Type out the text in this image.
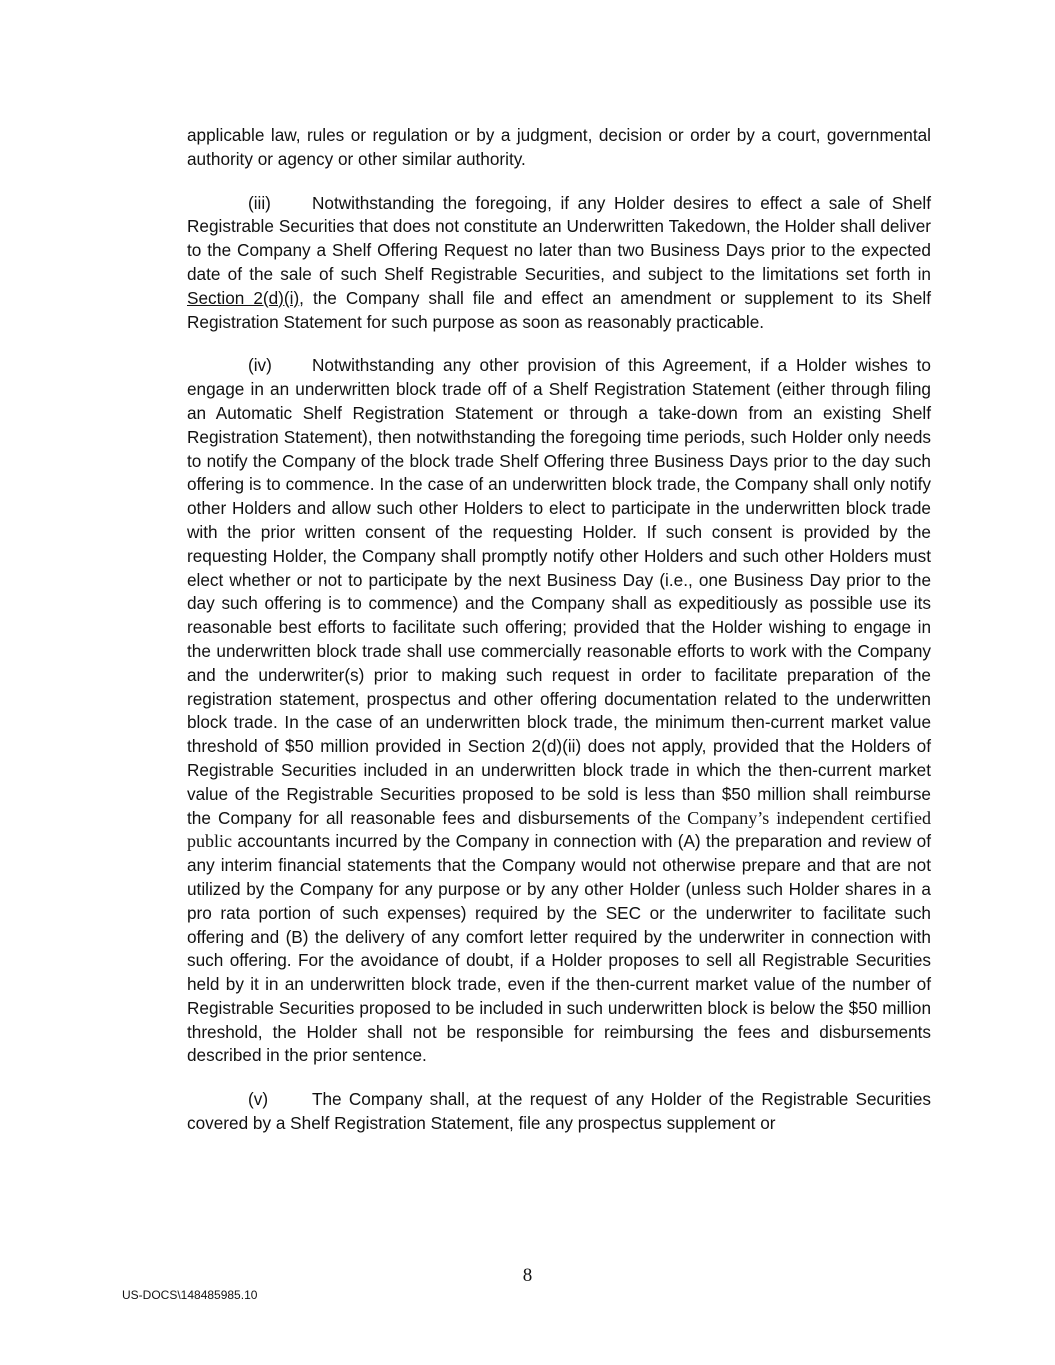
applicable law, rules or regulation or by a judgment, decision or order by a court, governmental authority or agency or other similar authority.

(iii) Notwithstanding the foregoing, if any Holder desires to effect a sale of Shelf Registrable Securities that does not constitute an Underwritten Takedown, the Holder shall deliver to the Company a Shelf Offering Request no later than two Business Days prior to the expected date of the sale of such Shelf Registrable Securities, and subject to the limitations set forth in Section 2(d)(i), the Company shall file and effect an amendment or supplement to its Shelf Registration Statement for such purpose as soon as reasonably practicable.

(iv) Notwithstanding any other provision of this Agreement, if a Holder wishes to engage in an underwritten block trade off of a Shelf Registration Statement (either through filing an Automatic Shelf Registration Statement or through a take-down from an existing Shelf Registration Statement), then notwithstanding the foregoing time periods, such Holder only needs to notify the Company of the block trade Shelf Offering three Business Days prior to the day such offering is to commence. In the case of an underwritten block trade, the Company shall only notify other Holders and allow such other Holders to elect to participate in the underwritten block trade with the prior written consent of the requesting Holder. If such consent is provided by the requesting Holder, the Company shall promptly notify other Holders and such other Holders must elect whether or not to participate by the next Business Day (i.e., one Business Day prior to the day such offering is to commence) and the Company shall as expeditiously as possible use its reasonable best efforts to facilitate such offering; provided that the Holder wishing to engage in the underwritten block trade shall use commercially reasonable efforts to work with the Company and the underwriter(s) prior to making such request in order to facilitate preparation of the registration statement, prospectus and other offering documentation related to the underwritten block trade. In the case of an underwritten block trade, the minimum then-current market value threshold of $50 million provided in Section 2(d)(ii) does not apply, provided that the Holders of Registrable Securities included in an underwritten block trade in which the then-current market value of the Registrable Securities proposed to be sold is less than $50 million shall reimburse the Company for all reasonable fees and disbursements of the Company’s independent certified public accountants incurred by the Company in connection with (A) the preparation and review of any interim financial statements that the Company would not otherwise prepare and that are not utilized by the Company for any purpose or by any other Holder (unless such Holder shares in a pro rata portion of such expenses) required by the SEC or the underwriter to facilitate such offering and (B) the delivery of any comfort letter required by the underwriter in connection with such offering. For the avoidance of doubt, if a Holder proposes to sell all Registrable Securities held by it in an underwritten block trade, even if the then-current market value of the number of Registrable Securities proposed to be included in such underwritten block is below the $50 million threshold, the Holder shall not be responsible for reimbursing the fees and disbursements described in the prior sentence.

(v)	The Company shall, at the request of any Holder of the Registrable Securities covered by a Shelf Registration Statement, file any prospectus supplement or

8
US-DOCS\148485985.10
